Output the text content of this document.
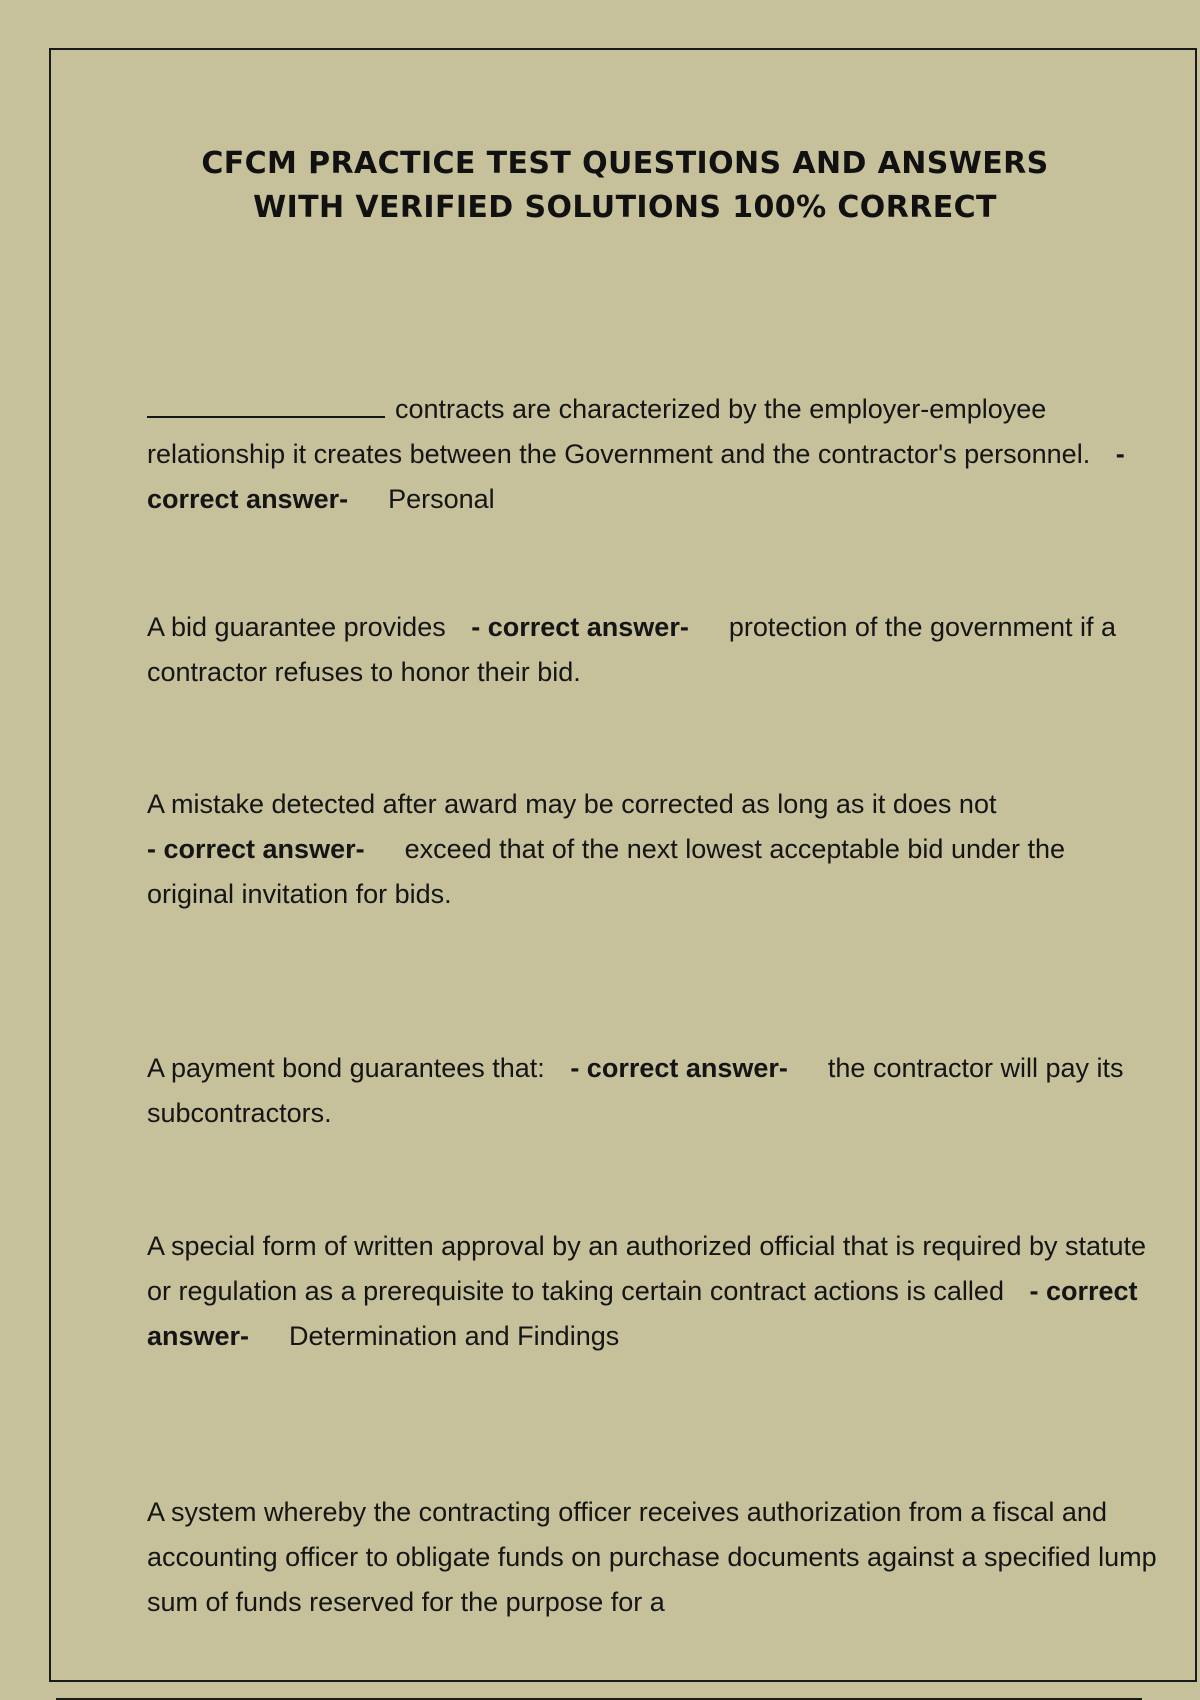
CFCM PRACTICE TEST QUESTIONS AND ANSWERS
WITH VERIFIED SOLUTIONS 100% CORRECT

contracts are characterized by the employer-employee relationship it creates between the Government and the contractor's personnel. - correct answer- Personal

A bid guarantee provides - correct answer- protection of the government if a contractor refuses to honor their bid.

A mistake detected after award may be corrected as long as it does not
- correct answer- exceed that of the next lowest acceptable bid under the original invitation for bids.

A payment bond guarantees that: - correct answer- the contractor will pay its subcontractors.

A special form of written approval by an authorized official that is required by statute or regulation as a prerequisite to taking certain contract actions is called - correct answer- Determination and Findings

A system whereby the contracting officer receives authorization from a fiscal and accounting officer to obligate funds on purchase documents against a specified lump sum of funds reserved for the purpose for a
